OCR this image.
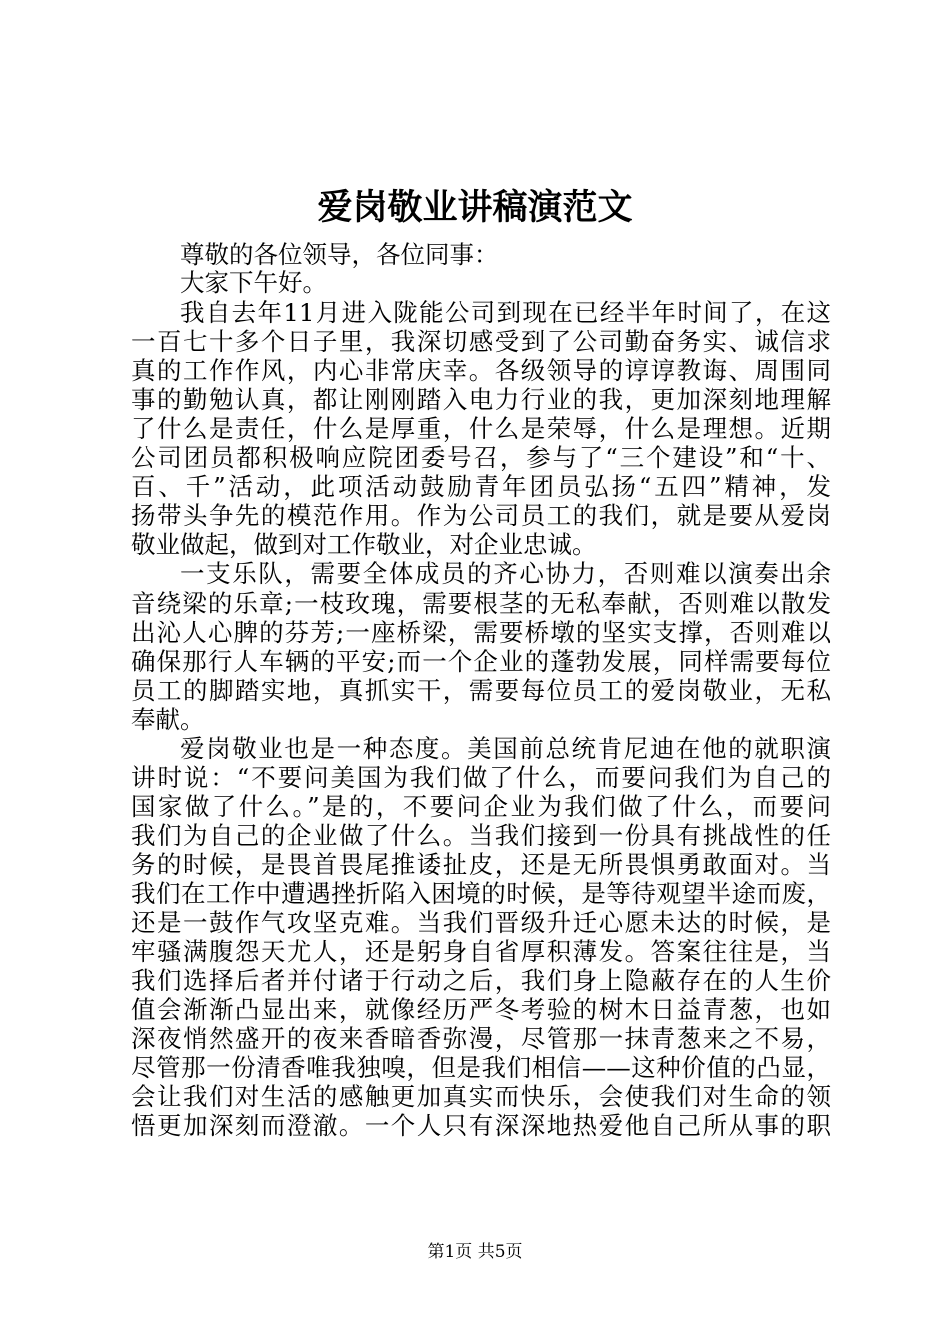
爱岗敬业讲稿演范文
尊敬的各位领导，各位同事：
大家下午好。
我自去年11月进入陇能公司到现在已经半年时间了，在这
一百七十多个日子里，我深切感受到了公司勤奋务实、诚信求
真的工作作风，内心非常庆幸。各级领导的谆谆教诲、周围同
事的勤勉认真，都让刚刚踏入电力行业的我，更加深刻地理解
了什么是责任，什么是厚重，什么是荣辱，什么是理想。近期
公司团员都积极响应院团委号召，参与了“三个建设”和“十、
百、千”活动，此项活动鼓励青年团员弘扬“五四”精神，发
扬带头争先的模范作用。作为公司员工的我们，就是要从爱岗
敬业做起，做到对工作敬业，对企业忠诚。
一支乐队，需要全体成员的齐心协力，否则难以演奏出余
音绕梁的乐章;一枝玫瑰，需要根茎的无私奉献，否则难以散发
出沁人心脾的芬芳;一座桥梁，需要桥墩的坚实支撑，否则难以
确保那行人车辆的平安;而一个企业的蓬勃发展，同样需要每位
员工的脚踏实地，真抓实干，需要每位员工的爱岗敬业，无私
奉献。
爱岗敬业也是一种态度。美国前总统肯尼迪在他的就职演
讲时说：“不要问美国为我们做了什么，而要问我们为自己的
国家做了什么。”是的，不要问企业为我们做了什么，而要问
我们为自己的企业做了什么。当我们接到一份具有挑战性的任
务的时候，是畏首畏尾推诿扯皮，还是无所畏惧勇敢面对。当
我们在工作中遭遇挫折陷入困境的时候，是等待观望半途而废，
还是一鼓作气攻坚克难。当我们晋级升迁心愿未达的时候，是
牢骚满腹怨天尤人，还是躬身自省厚积薄发。答案往往是，当
我们选择后者并付诸于行动之后，我们身上隐蔽存在的人生价
值会渐渐凸显出来，就像经历严冬考验的树木日益青葱，也如
深夜悄然盛开的夜来香暗香弥漫，尽管那一抹青葱来之不易，
尽管那一份清香唯我独嗅，但是我们相信——这种价值的凸显，
会让我们对生活的感触更加真实而快乐，会使我们对生命的领
悟更加深刻而澄澈。一个人只有深深地热爱他自己所从事的职
第1页 共5页
